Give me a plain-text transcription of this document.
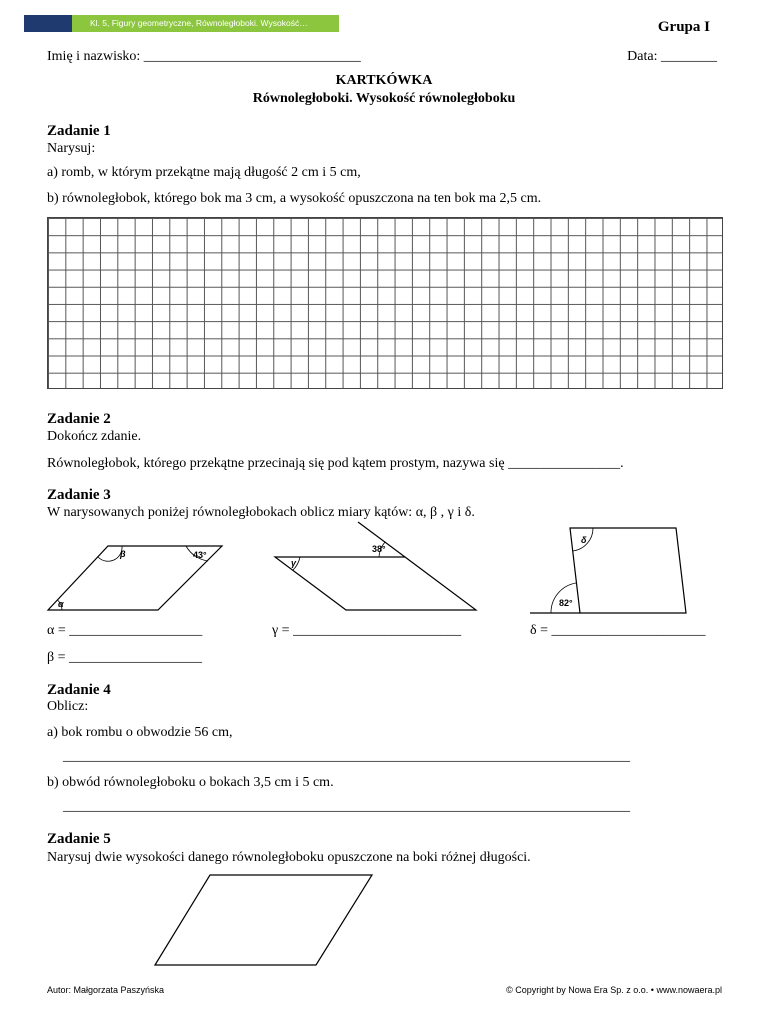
Kl. 5, Figury geometryczne, Równoległoboki. Wysokość…	Grupa I
Imię i nazwisko: _______________________________	Data: ________
KARTKÓWKA
Równoległoboki. Wysokość równoległoboku
Zadanie 1
Narysuj:
a) romb, w którym przekątne mają długość 2 cm i 5 cm,
b) równoległobok, którego bok ma 3 cm, a wysokość opuszczona na ten bok ma 2,5 cm.
Zadanie 2
Dokończ zdanie.
Równoległobok, którego przekątne przecinają się pod kątem prostym, nazywa się ________________.
Zadanie 3
W narysowanych poniżej równoległobokach oblicz miary kątów: α, β , γ i δ.
α
β	43°
38°
γ
δ
82°
α = ___________________	γ = ________________________	δ = ______________________
β = ___________________
Zadanie 4
Oblicz:
a) bok rombu o obwodzie 56 cm,
_________________________________________________________________________________
b) obwód równoległoboku o bokach 3,5 cm i 5 cm.
_________________________________________________________________________________
Zadanie 5
Narysuj dwie wysokości danego równoległoboku opuszczone na boki różnej długości.
Autor: Małgorzata Paszyńska	© Copyright by Nowa Era Sp. z o.o. • www.nowaera.pl
